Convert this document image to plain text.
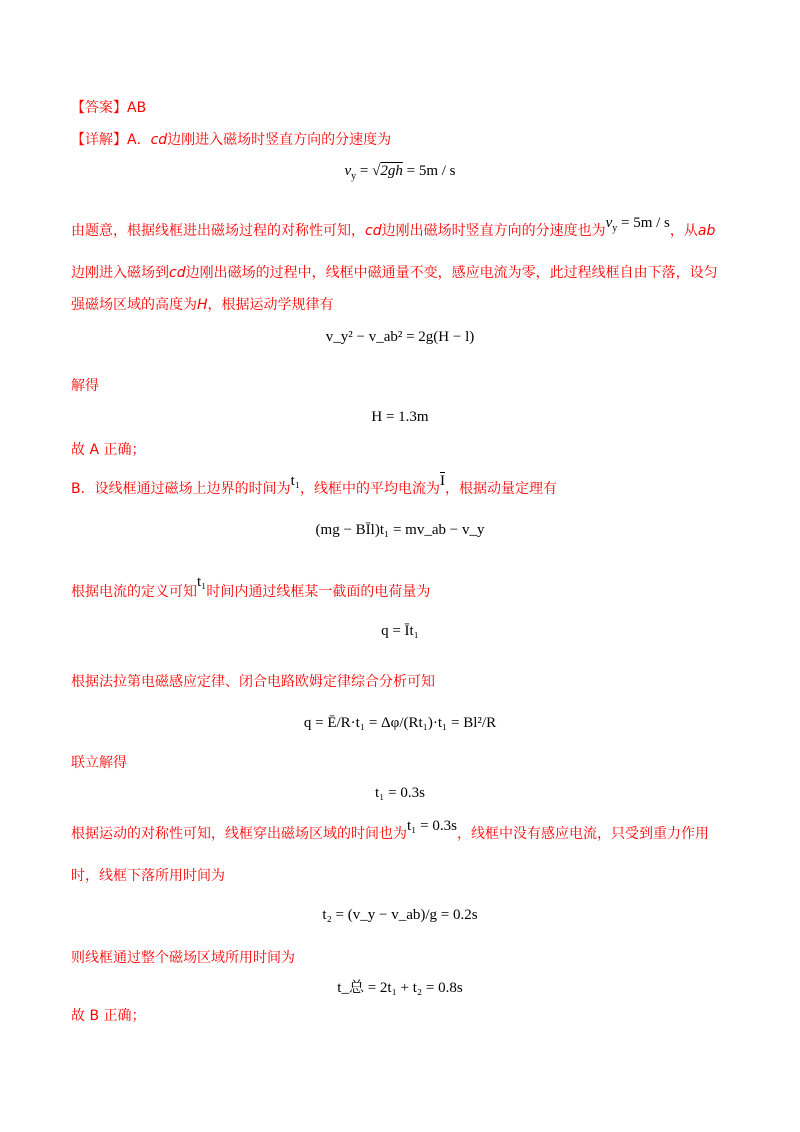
【答案】AB
【详解】A．cd边刚进入磁场时竖直方向的分速度为
$v_y = √2gh = 5m / s$
由题意，根据线框进出磁场过程的对称性可知，cd边刚出磁场时竖直方向的分速度也为$v_y = 5m / s$，从ab
边刚进入磁场到cd边刚出磁场的过程中，线框中磁通量不变，感应电流为零，此过程线框自由下落，设匀
强磁场区域的高度为H，根据运动学规律有
v_y² − v_ab² = 2g(H − l)
解得
H = 1.3m
故 A 正确；
B．设线框通过磁场上边界的时间为t₁，线框中的平均电流为$\overline{I}$，根据动量定理有
(mg − BĪl)t₁ = mv_ab − v_y
根据电流的定义可知t₁时间内通过线框某一截面的电荷量为
q = Īt₁
根据法拉第电磁感应定律、闭合电路欧姆定律综合分析可知
q = Ē/R·t₁ = Δφ/(Rt₁)·t₁ = Bl²/R
联立解得
t₁ = 0.3s
根据运动的对称性可知，线框穿出磁场区域的时间也为t₁ = 0.3s，线框中没有感应电流，只受到重力作用
时，线框下落所用时间为
t₂ = (v_y − v_ab)/g = 0.2s
则线框通过整个磁场区域所用时间为
t_总 = 2t₁ + t₂ = 0.8s
故 B 正确；
